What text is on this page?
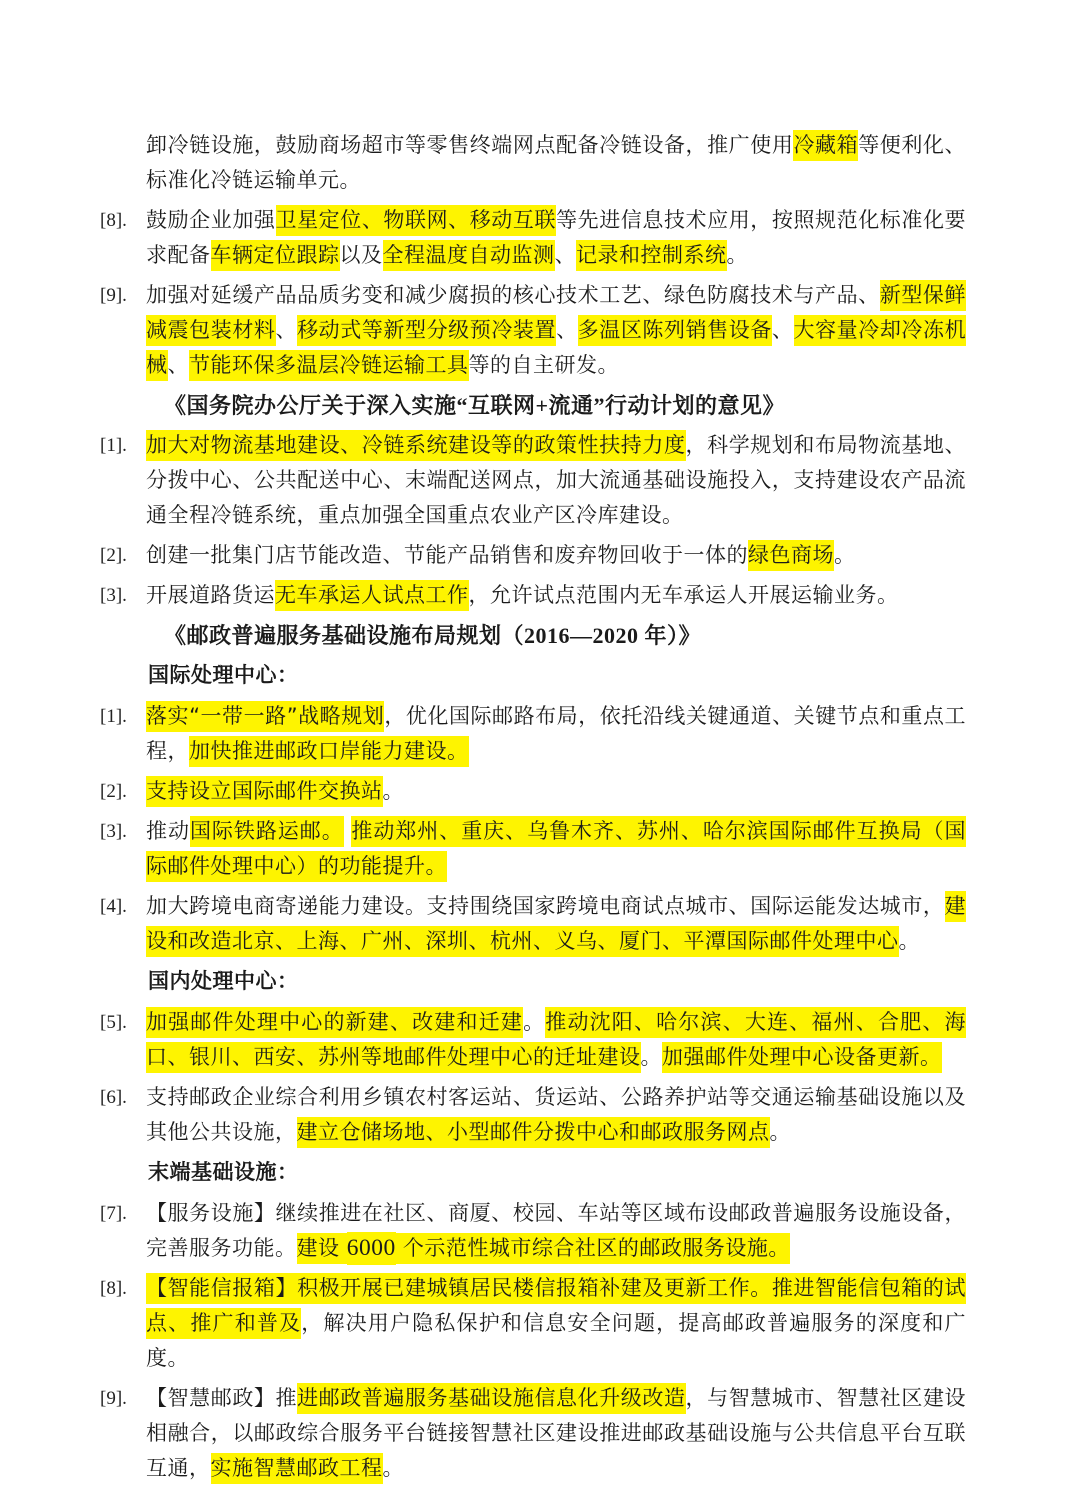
卸冷链设施，鼓励商场超市等零售终端网点配备冷链设备，推广使用冷藏箱等便利化、标准化冷链运输单元。
[8]. 鼓励企业加强卫星定位、物联网、移动互联等先进信息技术应用，按照规范化标准化要求配备车辆定位跟踪以及全程温度自动监测、记录和控制系统。
[9]. 加强对延缓产品品质劣变和减少腐损的核心技术工艺、绿色防腐技术与产品、新型保鲜减震包装材料、移动式等新型分级预冷装置、多温区陈列销售设备、大容量冷却冷冻机械、节能环保多温层冷链运输工具等的自主研发。
《国务院办公厅关于深入实施“互联网+流通”行动计划的意见》
[1]. 加大对物流基地建设、冷链系统建设等的政策性扶持力度，科学规划和布局物流基地、分拨中心、公共配送中心、末端配送网点，加大流通基础设施投入，支持建设农产品流通全程冷链系统，重点加强全国重点农业产区冷库建设。
[2]. 创建一批集门店节能改造、节能产品销售和废弃物回收于一体的绿色商场。
[3]. 开展道路货运无车承运人试点工作，允许试点范围内无车承运人开展运输业务。
《邮政普遍服务基础设施布局规划（2016—2020 年）》
国际处理中心：
[1]. 落实“一带一路”战略规划，优化国际邮路布局，依托沿线关键通道、关键节点和重点工程，加快推进邮政口岸能力建设。
[2]. 支持设立国际邮件交换站。
[3]. 推动国际铁路运邮。 推动郑州、重庆、乌鲁木齐、苏州、哈尔滨国际邮件互换局（国际邮件处理中心）的功能提升。
[4]. 加大跨境电商寄递能力建设。支持围绕国家跨境电商试点城市、国际运能发达城市，建设和改造北京、上海、广州、深圳、杭州、义乌、厦门、平潭国际邮件处理中心。
国内处理中心：
[5]. 加强邮件处理中心的新建、改建和迁建。推动沈阳、哈尔滨、大连、福州、合肥、海口、银川、西安、苏州等地邮件处理中心的迁址建设。加强邮件处理中心设备更新。
[6]. 支持邮政企业综合利用乡镇农村客运站、货运站、公路养护站等交通运输基础设施以及其他公共设施，建立仓储场地、小型邮件分拨中心和邮政服务网点。
末端基础设施：
[7]. 【服务设施】继续推进在社区、商厦、校园、车站等区域布设邮政普遍服务设施设备，完善服务功能。建设 6000 个示范性城市综合社区的邮政服务设施。
[8]. 【智能信报箱】积极开展已建城镇居民楼信报箱补建及更新工作。推进智能信包箱的试点、推广和普及，解决用户隐私保护和信息安全问题，提高邮政普遍服务的深度和广度。
[9]. 【智慧邮政】推进邮政普遍服务基础设施信息化升级改造，与智慧城市、智慧社区建设相融合，以邮政综合服务平台链接智慧社区建设推进邮政基础设施与公共信息平台互联互通，实施智慧邮政工程。
